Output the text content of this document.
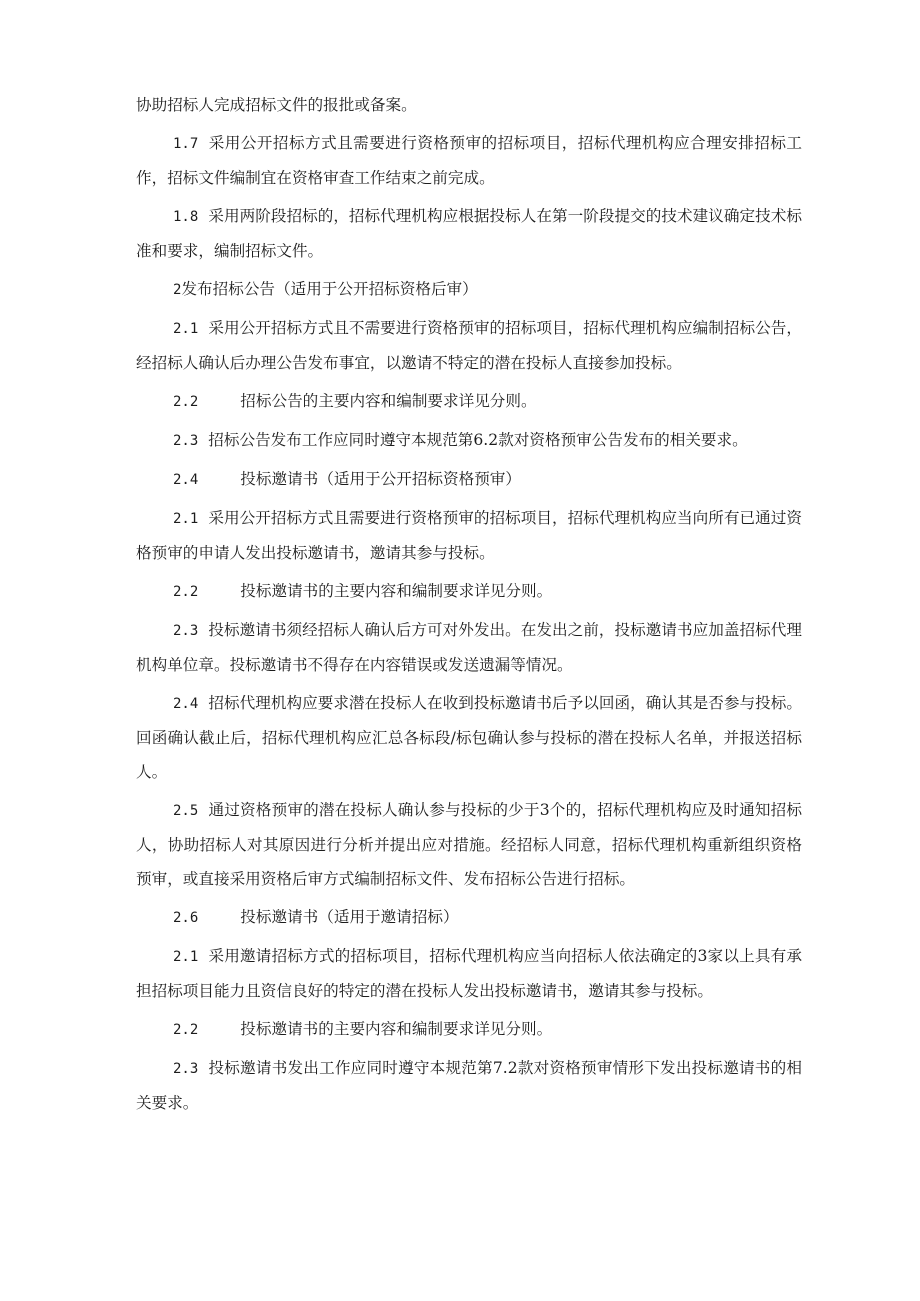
协助招标人完成招标文件的报批或备案。

1.7 采用公开招标方式且需要进行资格预审的招标项目，招标代理机构应合理安排招标工作，招标文件编制宜在资格审查工作结束之前完成。

1.8 采用两阶段招标的，招标代理机构应根据投标人在第一阶段提交的技术建议确定技术标准和要求，编制招标文件。

2发布招标公告（适用于公开招标资格后审）

2.1 采用公开招标方式且不需要进行资格预审的招标项目，招标代理机构应编制招标公告，经招标人确认后办理公告发布事宜，以邀请不特定的潜在投标人直接参加投标。

2.2	招标公告的主要内容和编制要求详见分则。

2.3 招标公告发布工作应同时遵守本规范第6.2款对资格预审公告发布的相关要求。

2.4	投标邀请书（适用于公开招标资格预审）

2.1 采用公开招标方式且需要进行资格预审的招标项目，招标代理机构应当向所有已通过资格预审的申请人发出投标邀请书，邀请其参与投标。

2.2	投标邀请书的主要内容和编制要求详见分则。

2.3 投标邀请书须经招标人确认后方可对外发出。在发出之前，投标邀请书应加盖招标代理机构单位章。投标邀请书不得存在内容错误或发送遗漏等情况。

2.4 招标代理机构应要求潜在投标人在收到投标邀请书后予以回函，确认其是否参与投标。回函确认截止后，招标代理机构应汇总各标段/标包确认参与投标的潜在投标人名单，并报送招标人。

2.5 通过资格预审的潜在投标人确认参与投标的少于3个的，招标代理机构应及时通知招标人，协助招标人对其原因进行分析并提出应对措施。经招标人同意，招标代理机构重新组织资格预审，或直接采用资格后审方式编制招标文件、发布招标公告进行招标。

2.6	投标邀请书（适用于邀请招标）

2.1 采用邀请招标方式的招标项目，招标代理机构应当向招标人依法确定的3家以上具有承担招标项目能力且资信良好的特定的潜在投标人发出投标邀请书，邀请其参与投标。

2.2	投标邀请书的主要内容和编制要求详见分则。

2.3 投标邀请书发出工作应同时遵守本规范第7.2款对资格预审情形下发出投标邀请书的相关要求。
